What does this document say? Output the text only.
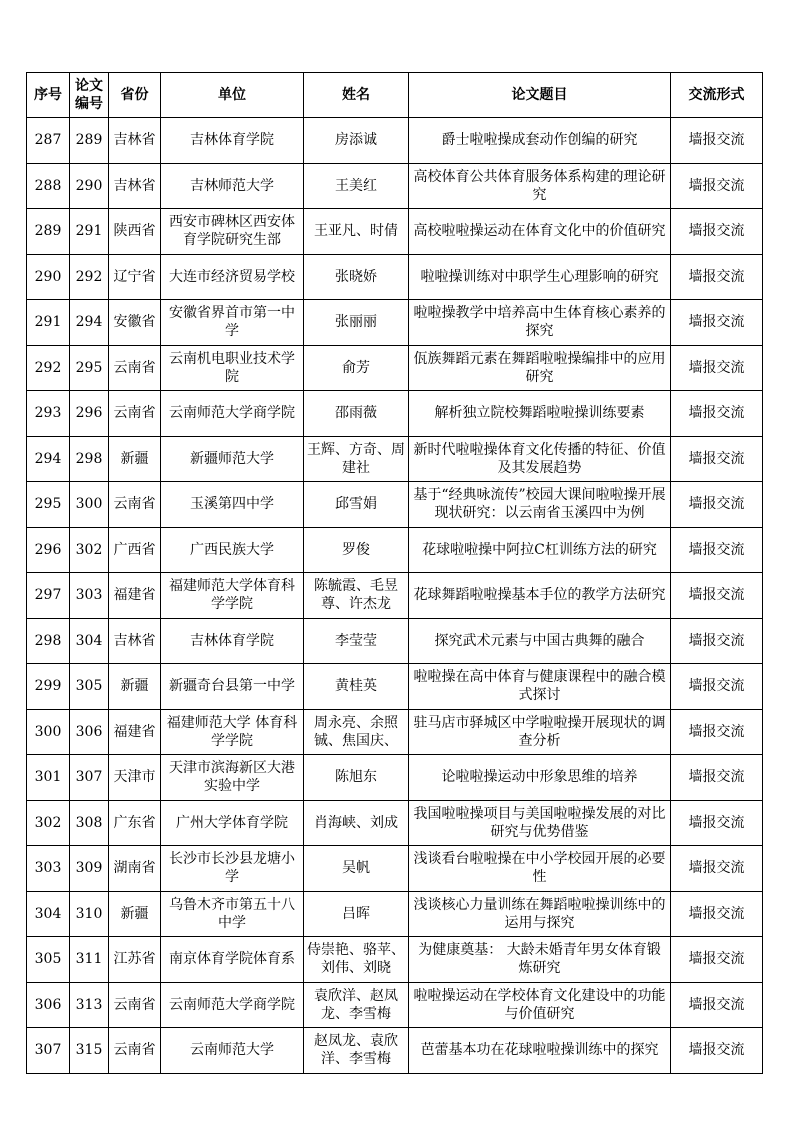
序号	论文编号	省份	单位	姓名	论文题目	交流形式

287	289	吉林省	吉林体育学院	房添诚	爵士啦啦操成套动作创编的研究	墙报交流

288	290	吉林省	吉林师范大学	王美红	高校体育公共体育服务体系构建的理论研究	墙报交流

289	291	陕西省	西安市碑林区西安体育学院研究生部	王亚凡、时倩	高校啦啦操运动在体育文化中的价值研究	墙报交流

290	292	辽宁省	大连市经济贸易学校	张晓娇	啦啦操训练对中职学生心理影响的研究	墙报交流

291	294	安徽省	安徽省界首市第一中学	张丽丽	啦啦操教学中培养高中生体育核心素养的探究	墙报交流

292	295	云南省	云南机电职业技术学院	俞芳	佤族舞蹈元素在舞蹈啦啦操编排中的应用研究	墙报交流

293	296	云南省	云南师范大学商学院	邵雨薇	解析独立院校舞蹈啦啦操训练要素	墙报交流

294	298	新疆	新疆师范大学	王辉、方奇、周建社	新时代啦啦操体育文化传播的特征、价值及其发展趋势	墙报交流

295	300	云南省	玉溪第四中学	邱雪娟	基于“经典咏流传”校园大课间啦啦操开展现状研究：以云南省玉溪四中为例	墙报交流

296	302	广西省	广西民族大学	罗俊	花球啦啦操中阿拉C杠训练方法的研究	墙报交流

297	303	福建省	福建师范大学体育科学学院	陈毓霞、毛昱尊、许杰龙	花球舞蹈啦啦操基本手位的教学方法研究	墙报交流

298	304	吉林省	吉林体育学院	李莹莹	探究武术元素与中国古典舞的融合	墙报交流

299	305	新疆	新疆奇台县第一中学	黄桂英	啦啦操在高中体育与健康课程中的融合模式探讨	墙报交流

300	306	福建省	福建师范大学 体育科学学院	周永亮、余照铖、焦国庆、	驻马店市驿城区中学啦啦操开展现状的调查分析	墙报交流

301	307	天津市	天津市滨海新区大港实验中学	陈旭东	论啦啦操运动中形象思维的培养	墙报交流

302	308	广东省	广州大学体育学院	肖海峡、刘成	我国啦啦操项目与美国啦啦操发展的对比研究与优势借鉴	墙报交流

303	309	湖南省	长沙市长沙县龙塘小学	吴帆	浅谈看台啦啦操在中小学校园开展的必要性	墙报交流

304	310	新疆	乌鲁木齐市第五十八中学	吕晖	浅谈核心力量训练在舞蹈啦啦操训练中的运用与探究	墙报交流

305	311	江苏省	南京体育学院体育系	侍崇艳、骆苹、刘伟、刘晓	为健康奠基： 大龄未婚青年男女体育锻炼研究	墙报交流

306	313	云南省	云南师范大学商学院	袁欣洋、赵凤龙、李雪梅	啦啦操运动在学校体育文化建设中的功能与价值研究	墙报交流

307	315	云南省	云南师范大学	赵凤龙、袁欣洋、李雪梅	芭蕾基本功在花球啦啦操训练中的探究	墙报交流
